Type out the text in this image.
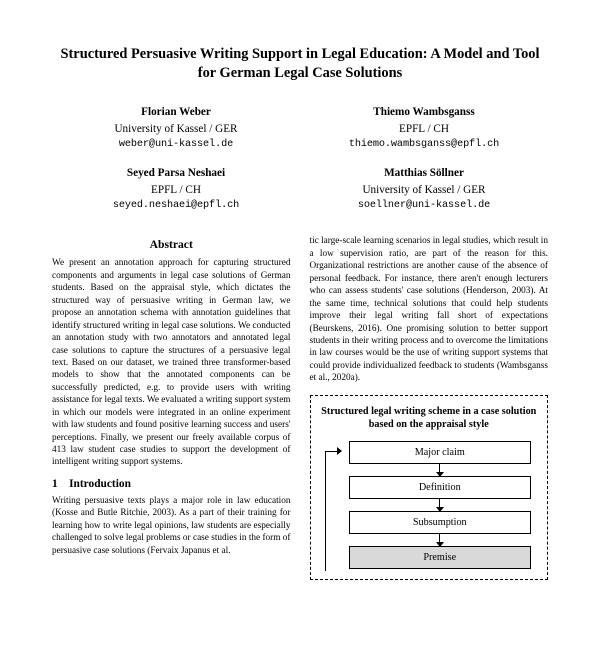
Structured Persuasive Writing Support in Legal Education: A Model and Tool for German Legal Case Solutions
Florian Weber
University of Kassel / GER
weber@uni-kassel.de
Seyed Parsa Neshaei
EPFL / CH
seyed.neshaei@epfl.ch
Thiemo Wambsganss
EPFL / CH
thiemo.wambsganss@epfl.ch
Matthias Söllner
University of Kassel / GER
soellner@uni-kassel.de
Abstract

We present an annotation approach for capturing structured components and arguments in legal case solutions of German students. Based on the appraisal style, which dictates the structured way of persuasive writing in German law, we propose an annotation schema with annotation guidelines that identify structured writing in legal case solutions. We conducted an annotation study with two annotators and annotated legal case solutions to capture the structures of a persuasive legal text. Based on our dataset, we trained three transformer-based models to show that the annotated components can be successfully predicted, e.g. to provide users with writing assistance for legal texts. We evaluated a writing support system in which our models were integrated in an online experiment with law students and found positive learning success and users' perceptions. Finally, we present our freely available corpus of 413 law student case studies to support the development of intelligent writing support systems.

1 Introduction

Writing persuasive texts plays a major role in law education (Kosse and Butle Ritchie, 2003). As a part of their training for learning how to write legal opinions, law students are especially challenged to solve legal problems or case studies in the form of persuasive case solutions (Fervaix Japanus et al.

tic large-scale learning scenarios in legal studies, which result in a low supervision ratio, are part of the reason for this. Organizational restrictions are another cause of the absence of personal feedback. For instance, there aren't enough lecturers who can assess students' case solutions (Henderson, 2003). At the same time, technical solutions that could help students improve their legal writing fall short of expectations (Beurskens, 2016). One promising solution to better support students in their writing process and to overcome the limitations in law courses would be the use of writing support systems that could provide individualized feedback to students (Wambsganss et al., 2020a).

Structured legal writing scheme in a case solution based on the appraisal style
Major claim
Definition
Subsumption
Premise
